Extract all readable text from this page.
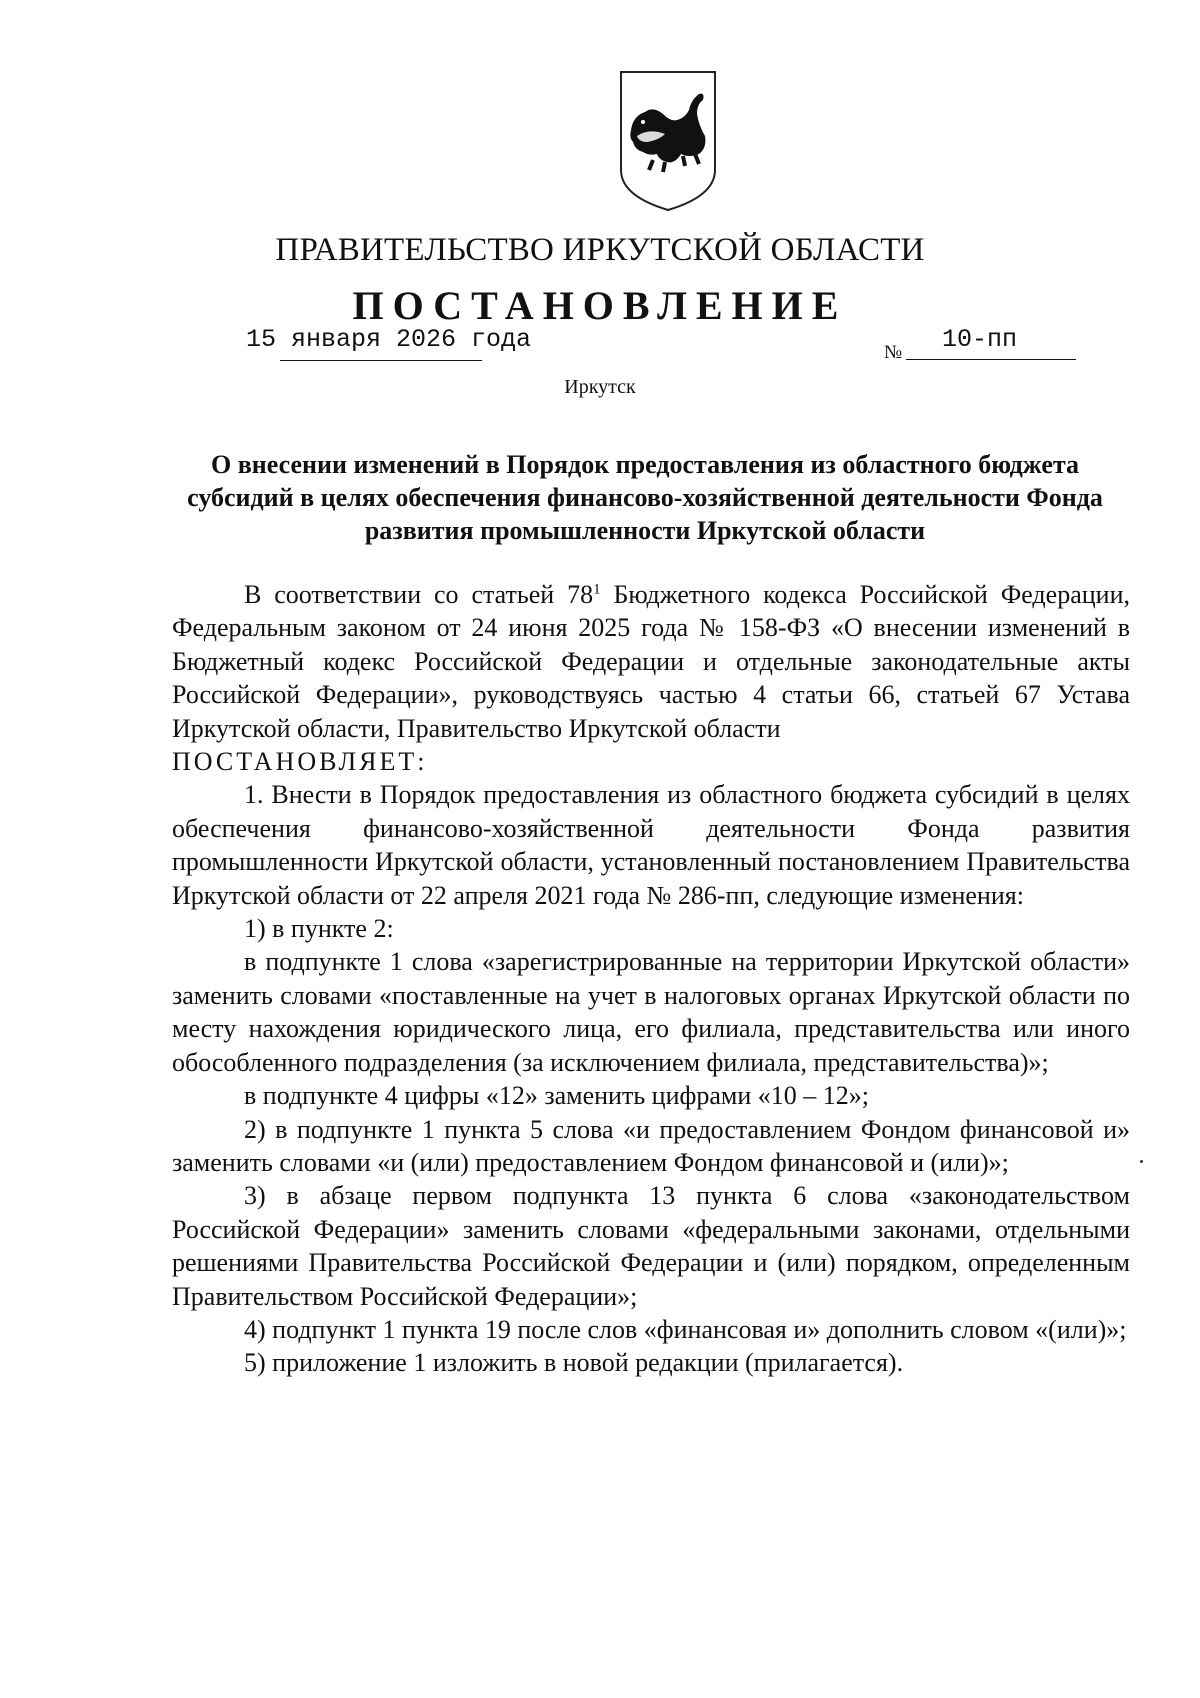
ПРАВИТЕЛЬСТВО ИРКУТСКОЙ ОБЛАСТИ
ПОСТАНОВЛЕНИЕ
15 января 2026 года	№ 10-пп
Иркутск
О внесении изменений в Порядок предоставления из областного бюджета субсидий в целях обеспечения финансово-хозяйственной деятельности Фонда развития промышленности Иркутской области

В соответствии со статьей $78^1$ Бюджетного кодекса Российской Федерации, Федеральным законом от 24 июня 2025 года № 158-ФЗ «О внесении изменений в Бюджетный кодекс Российской Федерации и отдельные законодательные акты Российской Федерации», руководствуясь частью 4 статьи 66, статьей 67 Устава Иркутской области, Правительство Иркутской области

ПОСТАНОВЛЯЕТ:

1. Внести в Порядок предоставления из областного бюджета субсидий в целях обеспечения финансово-хозяйственной деятельности Фонда развития промышленности Иркутской области, установленный постановлением Правительства Иркутской области от 22 апреля 2021 года № 286-пп, следующие изменения:

1) в пункте 2:

в подпункте 1 слова «зарегистрированные на территории Иркутской области» заменить словами «поставленные на учет в налоговых органах Иркутской области по месту нахождения юридического лица, его филиала, представительства или иного обособленного подразделения (за исключением филиала, представительства)»;

в подпункте 4 цифры «12» заменить цифрами «10 – 12»;

2) в подпункте 1 пункта 5 слова «и предоставлением Фондом финансовой и» заменить словами «и (или) предоставлением Фондом финансовой и (или)»;

3) в абзаце первом подпункта 13 пункта 6 слова «законодательством Российской Федерации» заменить словами «федеральными законами, отдельными решениями Правительства Российской Федерации и (или) порядком, определенным Правительством Российской Федерации»;

4) подпункт 1 пункта 19 после слов «финансовая и» дополнить словом «(или)»;

5) приложение 1 изложить в новой редакции (прилагается).
